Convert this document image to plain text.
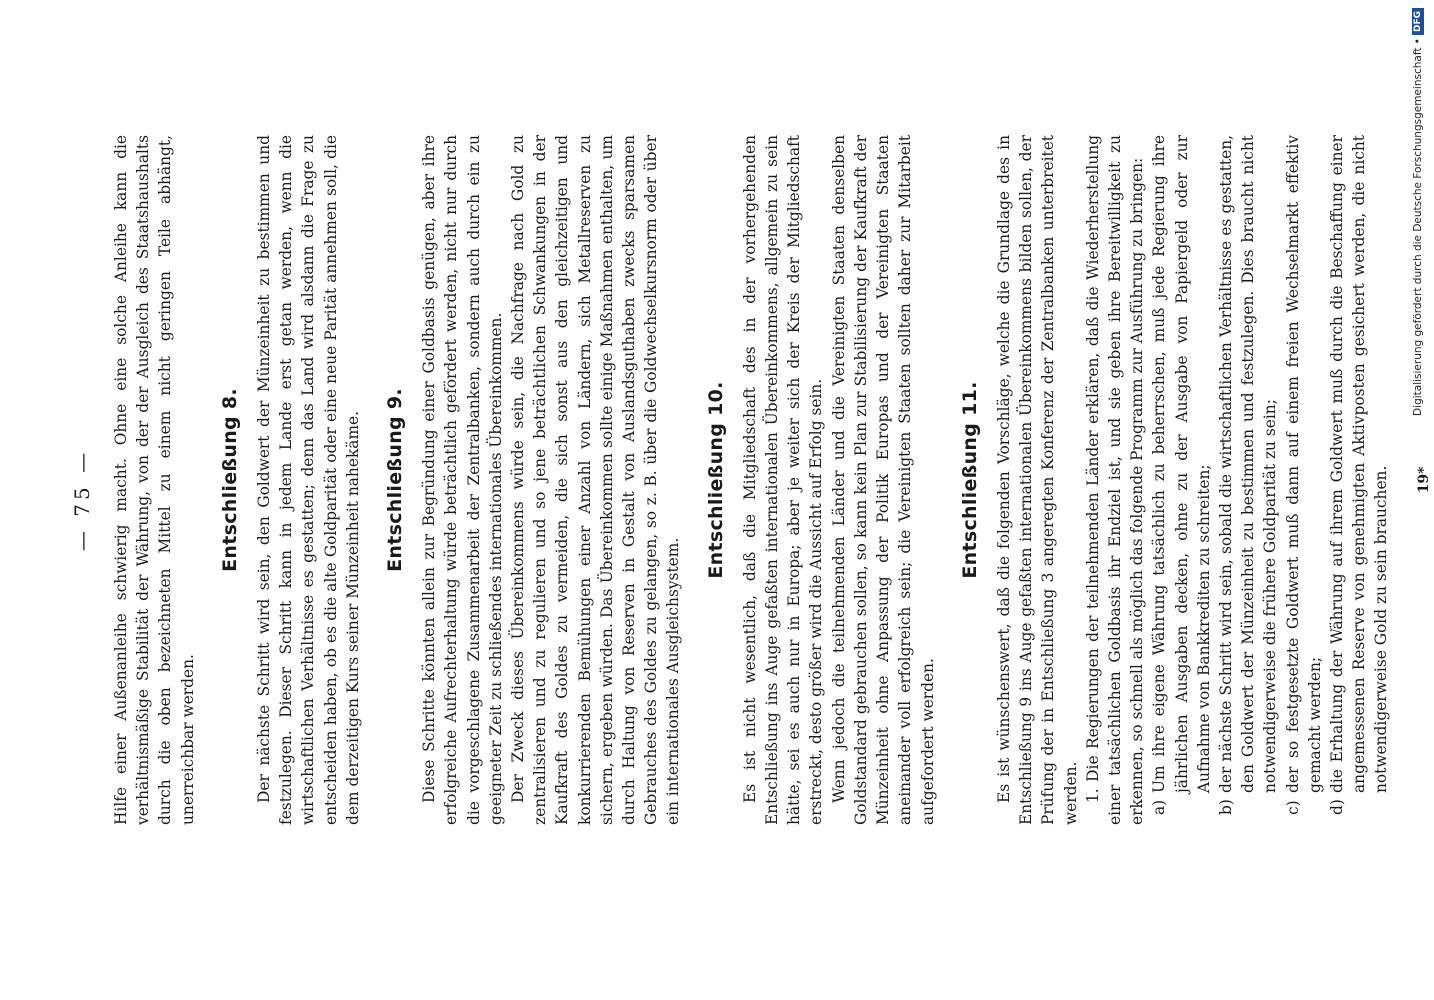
— 75 — Hilfe einer Außenanleihe schwierig macht. Ohne eine solche Anleihe kann die verhältnismäßige Stabilität der Währung, von der der Ausgleich des Staatshaushalts durch die oben bezeichneten Mittel zu einem nicht geringen Teile abhängt, unerreichbar werden.

Entschließung 8. Der nächste Schritt wird sein, den Goldwert der Münzeinheit zu bestimmen und festzulegen. Dieser Schritt kann in jedem Lande erst getan werden, wenn die wirtschaftlichen Verhältnisse es gestatten; denn das Land wird alsdann die Frage zu entscheiden haben, ob es die alte Goldparität oder eine neue Parität annehmen soll, die dem derzeitigen Kurs seiner Münzeinheit nahekäme. Entschließung 9. Diese Schritte könnten allein zur Begründung einer Goldbasis genügen, aber ihre erfolgreiche Aufrechterhaltung würde beträchtlich gefördert werden, nicht nur durch die vorgeschlagene Zusammenarbeit der Zentralbanken, sondern auch durch ein zu geeigneter Zeit zu schließendes internationales Übereinkommen. Der Zweck dieses Übereinkommens würde sein, die Nachfrage nach Gold zu zentralisieren und zu regulieren und so jene beträchtlichen Schwankungen in der Kaufkraft des Goldes zu vermeiden, die sich sonst aus den gleichzeitigen und konkurrierenden Bemühungen einer Anzahl von Ländern, sich Metallreserven zu sichern, ergeben würden. Das Übereinkommen sollte einige Maßnahmen enthalten, um durch Haltung von Reserven in Gestalt von Auslandsguthaben zwecks sparsamen Gebrauches des Goldes zu gelangen, so z. B. über die Goldwechselkursnorm oder über ein internationales Ausgleichsystem.

Entschließung 10. Es ist nicht wesentlich, daß die Mitgliedschaft des in der vorhergehenden Entschließung ins Auge gefaßten internationalen Übereinkommens, allgemein zu sein hätte, sei es auch nur in Europa; aber je weiter sich der Kreis der Mitgliedschaft erstreckt, desto größer wird die Aussicht auf Erfolg sein. Wenn jedoch die teilnehmenden Länder und die Vereinigten Staaten denselben Goldstandard gebrauchen sollen, so kann kein Plan zur Stabilisierung der Kaufkraft der Münzeinheit ohne Anpassung der Politik Europas und der Vereinigten Staaten aneinander voll erfolgreich sein; die Vereinigten Staaten sollten daher zur Mitarbeit aufgefordert werden.

Entschließung 11. Es ist wünschenswert, daß die folgenden Vorschläge, welche die Grundlage des in Entschließung 9 ins Auge gefaßten internationalen Übereinkommens bilden sollen, der Prüfung der in Entschließung 3 angeregten Konferenz der Zentralbanken unterbreitet werden. 1. Die Regierungen der teilnehmenden Länder erklären, daß die Wiederherstellung einer tatsächlichen Goldbasis ihr Endziel ist, und sie geben ihre Bereitwilligkeit zu erkennen, so schnell als möglich das folgende Programm zur Ausführung zu bringen: a)
Um ihre eigene Währung tatsächlich zu beherrschen, muß jede Regierung ihre jährlichen Ausgaben decken, ohne zu der Ausgabe von Papiergeld oder zur Aufnahme von Bankkrediten zu schreiten;
b)
der nächste Schritt wird sein, sobald die wirtschaftlichen Verhältnisse es gestatten, den Goldwert der Münzeinheit zu bestimmen und festzulegen. Dies braucht nicht notwendigerweise die frühere Goldparität zu sein;
c)
der so festgesetzte Goldwert muß dann auf einem freien Wechselmarkt effektiv gemacht werden;
d)
die Erhaltung der Währung auf ihrem Goldwert muß durch die Beschaffung einer angemessenen Reserve von genehmigten Aktivposten gesichert werden, die nicht notwendigerweise Gold zu sein brauchen. 19*
Digitalisierung gefördert durch die Deutsche Forschungsgemeinschaft •
DFG
